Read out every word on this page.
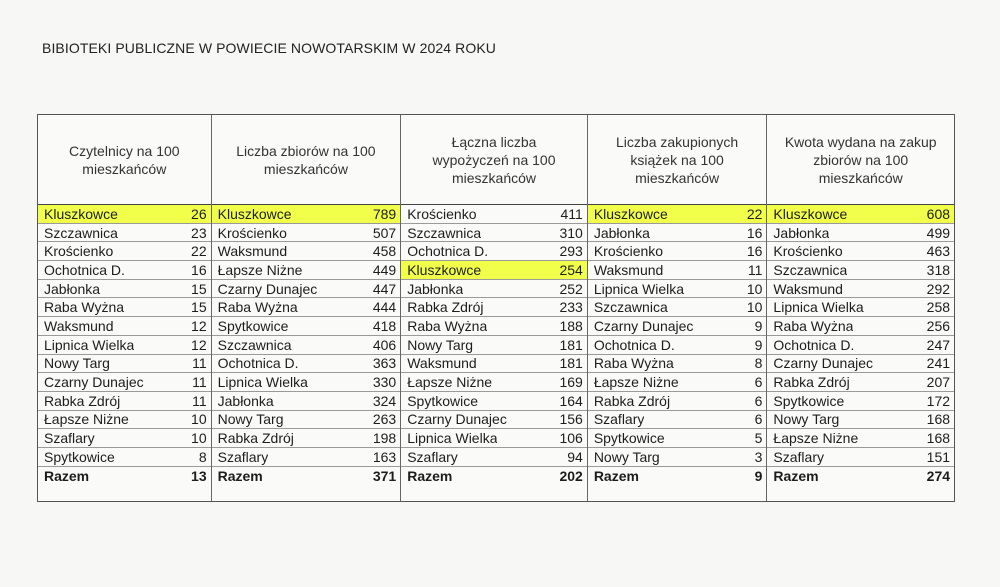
BIBIOTEKI PUBLICZNE W POWIECIE NOWOTARSKIM W 2024 ROKU
Czytelnicy na 100 mieszkańców
Kluszkowce	26
Szczawnica	23
Krościenko	22
Ochotnica D.	16
Jabłonka	15
Raba Wyżna	15
Waksmund	12
Lipnica Wielka	12
Nowy Targ	11
Czarny Dunajec	11
Rabka Zdrój	11
Łapsze Niżne	10
Szaflary	10
Spytkowice	8
Razem	13
Liczba zbiorów na 100 mieszkańców
Kluszkowce	789
Krościenko	507
Waksmund	458
Łapsze Niżne	449
Czarny Dunajec	447
Raba Wyżna	444
Spytkowice	418
Szczawnica	406
Ochotnica D.	363
Lipnica Wielka	330
Jabłonka	324
Nowy Targ	263
Rabka Zdrój	198
Szaflary	163
Razem	371
Łączna liczba wypożyczeń na 100 mieszkańców
Krościenko	411
Szczawnica	310
Ochotnica D.	293
Kluszkowce	254
Jabłonka	252
Rabka Zdrój	233
Raba Wyżna	188
Nowy Targ	181
Waksmund	181
Łapsze Niżne	169
Spytkowice	164
Czarny Dunajec	156
Lipnica Wielka	106
Szaflary	94
Razem	202
Liczba zakupionych książek na 100 mieszkańców
Kluszkowce	22
Jabłonka	16
Krościenko	16
Waksmund	11
Lipnica Wielka	10
Szczawnica	10
Czarny Dunajec	9
Ochotnica D.	9
Raba Wyżna	8
Łapsze Niżne	6
Rabka Zdrój	6
Szaflary	6
Spytkowice	5
Nowy Targ	3
Razem	9
Kwota wydana na zakup zbiorów na 100 mieszkańców
Kluszkowce	608
Jabłonka	499
Krościenko	463
Szczawnica	318
Waksmund	292
Lipnica Wielka	258
Raba Wyżna	256
Ochotnica D.	247
Czarny Dunajec	241
Rabka Zdrój	207
Spytkowice	172
Nowy Targ	168
Łapsze Niżne	168
Szaflary	151
Razem	274
